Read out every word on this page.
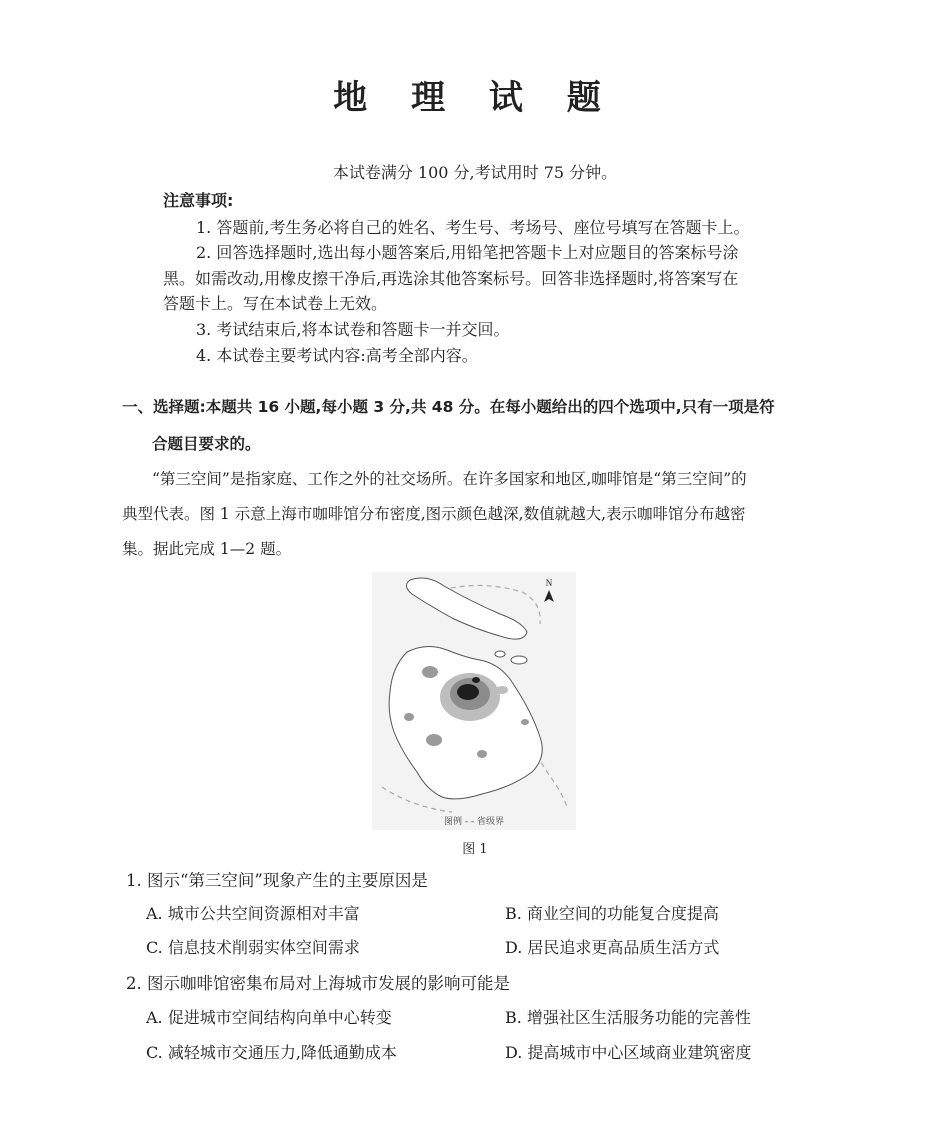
地 理 试 题
本试卷满分 100 分,考试用时 75 分钟。
注意事项:
1. 答题前,考生务必将自己的姓名、考生号、考场号、座位号填写在答题卡上。
2. 回答选择题时,选出每小题答案后,用铅笔把答题卡上对应题目的答案标号涂
黑。如需改动,用橡皮擦干净后,再选涂其他答案标号。回答非选择题时,将答案写在
答题卡上。写在本试卷上无效。
3. 考试结束后,将本试卷和答题卡一并交回。
4. 本试卷主要考试内容:高考全部内容。
一、选择题:本题共 16 小题,每小题 3 分,共 48 分。在每小题给出的四个选项中,只有一项是符
合题目要求的。
“第三空间”是指家庭、工作之外的社交场所。在许多国家和地区,咖啡馆是“第三空间”的
典型代表。图 1 示意上海市咖啡馆分布密度,图示颜色越深,数值就越大,表示咖啡馆分布越密
集。据此完成 1—2 题。
N
图例 - - 省级界
图 1
1. 图示“第三空间”现象产生的主要原因是
A. 城市公共空间资源相对丰富	B. 商业空间的功能复合度提高
C. 信息技术削弱实体空间需求	D. 居民追求更高品质生活方式
2. 图示咖啡馆密集布局对上海城市发展的影响可能是
A. 促进城市空间结构向单中心转变	B. 增强社区生活服务功能的完善性
C. 减轻城市交通压力,降低通勤成本	D. 提高城市中心区域商业建筑密度
